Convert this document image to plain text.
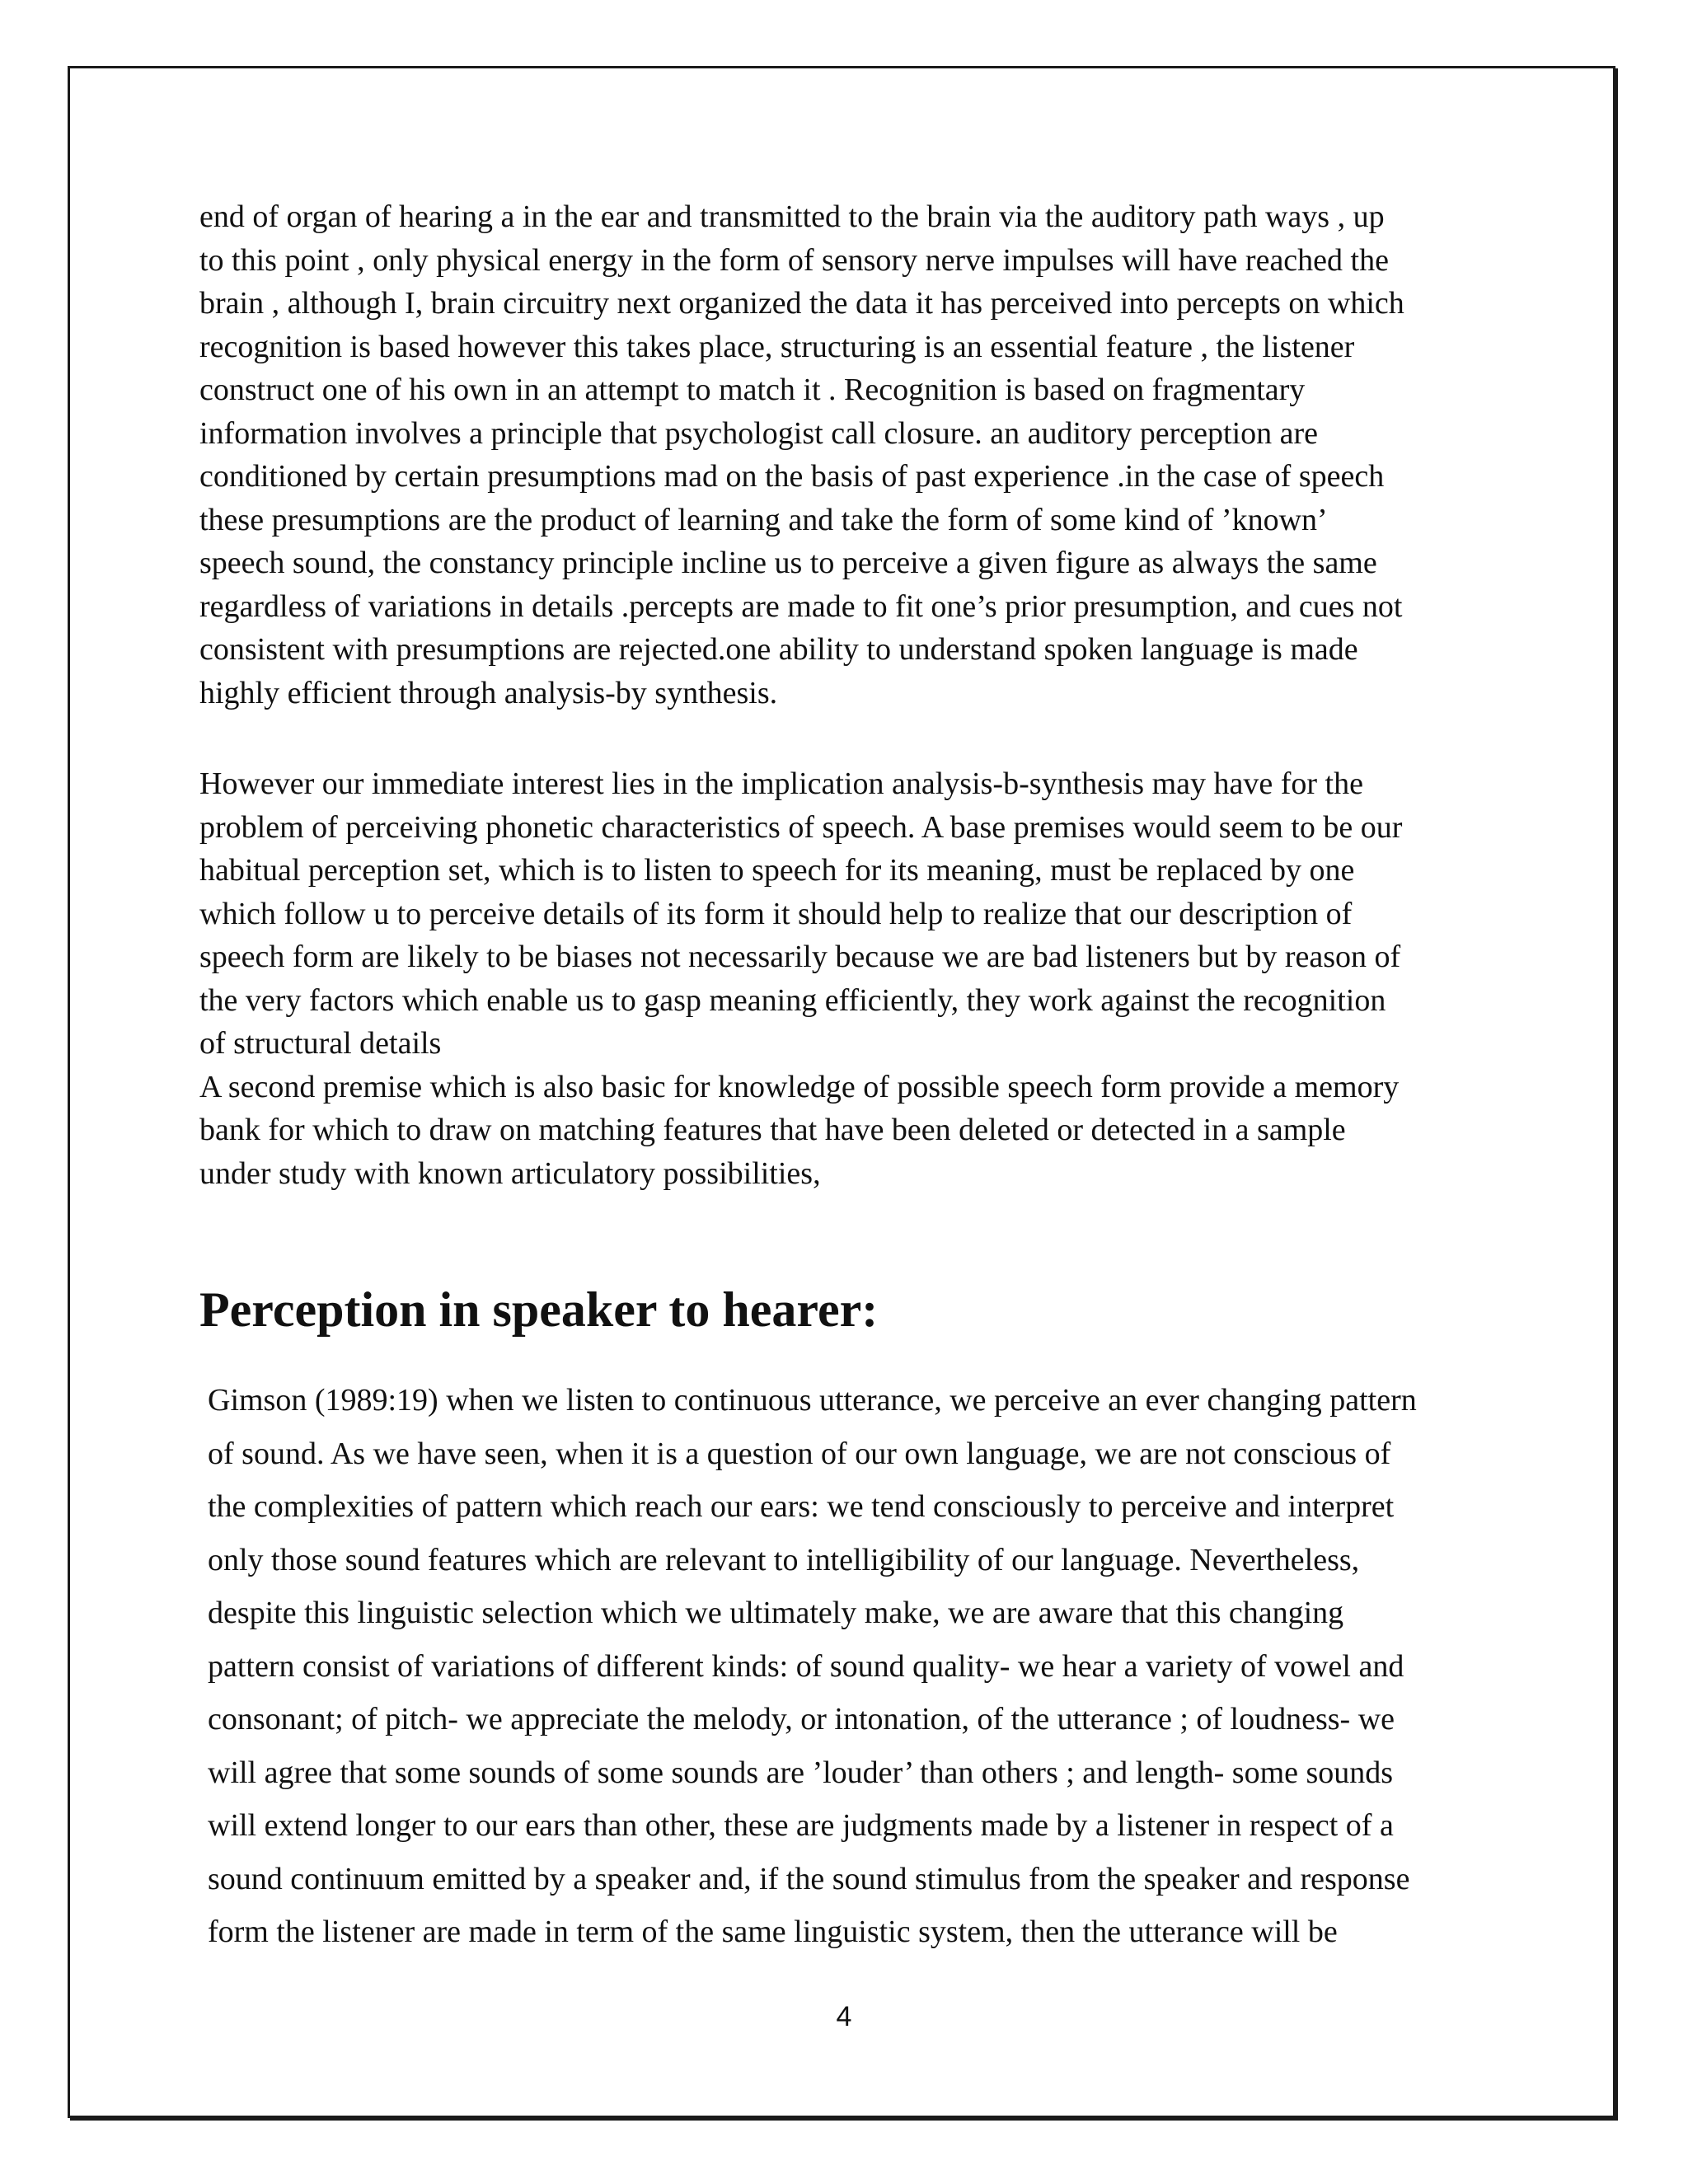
end of organ of hearing a in the ear and transmitted to the brain via the auditory path ways , up
to this point , only physical energy in the form of sensory nerve impulses will have reached the
brain , although I, brain circuitry next organized the data it has perceived into percepts on which
recognition is based however this takes place, structuring is an essential feature , the listener
construct one of his own in an attempt to match it . Recognition is based on fragmentary
information involves a principle that psychologist call closure. an auditory perception are
conditioned by certain presumptions mad on the basis of past experience .in the case of speech
these presumptions are the product of learning and take the form of some kind of ’known’
speech sound, the constancy principle incline us to perceive a given figure as always the same
regardless of variations in details .percepts are made to fit one’s prior presumption, and cues not
consistent with presumptions are rejected.one ability to understand spoken language is made
highly efficient through analysis-by synthesis.
However our immediate interest lies in the implication analysis-b-synthesis may have for the
problem of perceiving phonetic characteristics of speech. A base premises would seem to be our
habitual perception set, which is to listen to speech for its meaning, must be replaced by one
which follow u to perceive details of its form it should help to realize that our description of
speech form are likely to be biases not necessarily because we are bad listeners but by reason of
the very factors which enable us to gasp meaning efficiently, they work against the recognition
of structural details
A second premise which is also basic for knowledge of possible speech form provide a memory
bank for which to draw on matching features that have been deleted or detected in a sample
under study with known articulatory possibilities,
Perception in speaker to hearer:
Gimson (1989:19) when we listen to continuous utterance, we perceive an ever changing pattern
of sound. As we have seen, when it is a question of our own language, we are not conscious of
the complexities of pattern which reach our ears: we tend consciously to perceive and interpret
only those sound features which are relevant to intelligibility of our language. Nevertheless,
despite this linguistic selection which we ultimately make, we are aware that this changing
pattern consist of variations of different kinds: of sound quality- we hear a variety of vowel and
consonant; of pitch- we appreciate the melody, or intonation, of the utterance ; of loudness- we
will agree that some sounds of some sounds are ’louder’ than others ; and length- some sounds
will extend longer to our ears than other, these are judgments made by a listener in respect of a
sound continuum emitted by a speaker and, if the sound stimulus from the speaker and response
form the listener are made in term of the same linguistic system, then the utterance will be
4
